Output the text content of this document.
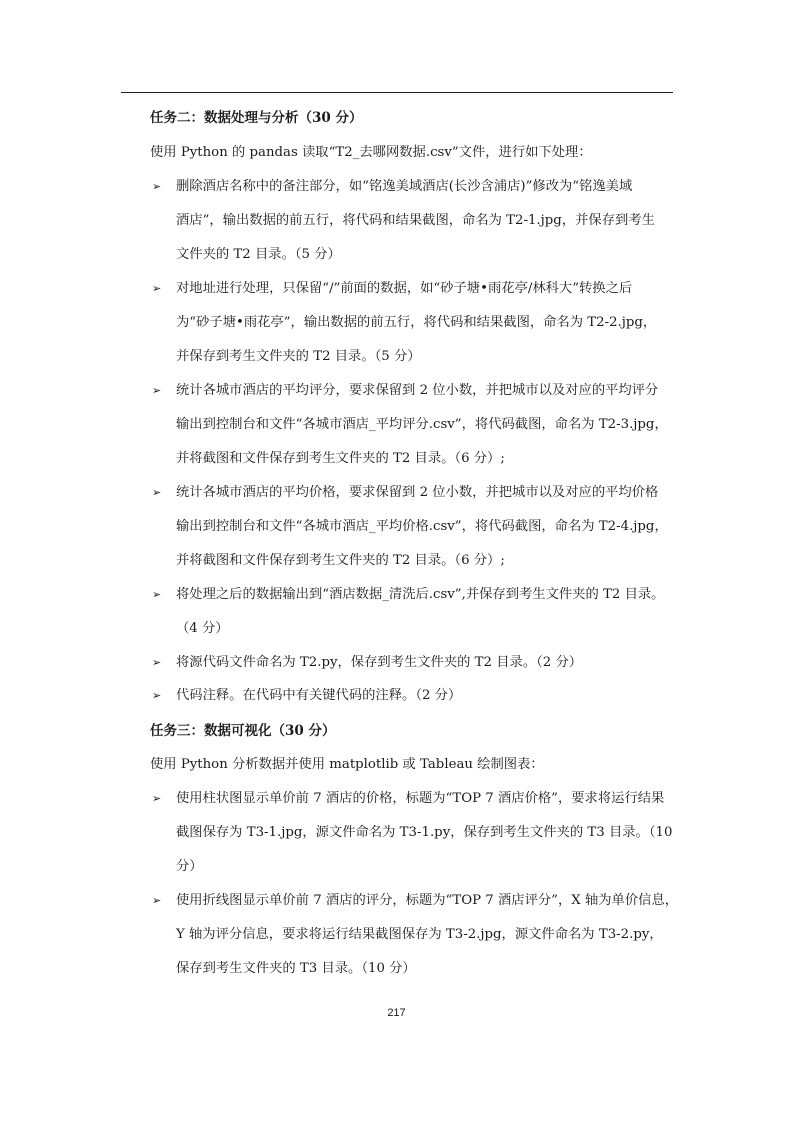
任务二：数据处理与分析（30 分）
使用 Python 的 pandas 读取“T2_去哪网数据.csv”文件，进行如下处理：
➢ 删除酒店名称中的备注部分，如“铭逸美域酒店(长沙含浦店)”修改为“铭逸美域
酒店”，输出数据的前五行，将代码和结果截图，命名为 T2-1.jpg，并保存到考生
文件夹的 T2 目录。（5 分）
➢ 对地址进行处理，只保留“/”前面的数据，如“砂子塘•雨花亭/林科大”转换之后
为“砂子塘•雨花亭”，输出数据的前五行，将代码和结果截图，命名为 T2-2.jpg，
并保存到考生文件夹的 T2 目录。（5 分）
➢ 统计各城市酒店的平均评分，要求保留到 2 位小数，并把城市以及对应的平均评分
输出到控制台和文件“各城市酒店_平均评分.csv”，将代码截图，命名为 T2-3.jpg，
并将截图和文件保存到考生文件夹的 T2 目录。（6 分）;
➢ 统计各城市酒店的平均价格，要求保留到 2 位小数，并把城市以及对应的平均价格
输出到控制台和文件“各城市酒店_平均价格.csv”，将代码截图，命名为 T2-4.jpg，
并将截图和文件保存到考生文件夹的 T2 目录。（6 分）;
➢ 将处理之后的数据输出到“酒店数据_清洗后.csv”,并保存到考生文件夹的 T2 目录。
（4 分）
➢ 将源代码文件命名为 T2.py，保存到考生文件夹的 T2 目录。（2 分）
➢ 代码注释。在代码中有关键代码的注释。（2 分）
任务三：数据可视化（30 分）
使用 Python 分析数据并使用 matplotlib 或 Tableau 绘制图表：
➢ 使用柱状图显示单价前 7 酒店的价格，标题为“TOP 7 酒店价格”，要求将运行结果
截图保存为 T3-1.jpg，源文件命名为 T3-1.py，保存到考生文件夹的 T3 目录。（10
分）
➢ 使用折线图显示单价前 7 酒店的评分，标题为“TOP 7 酒店评分”，X 轴为单价信息，
Y 轴为评分信息，要求将运行结果截图保存为 T3-2.jpg，源文件命名为 T3-2.py，
保存到考生文件夹的 T3 目录。（10 分）
217
